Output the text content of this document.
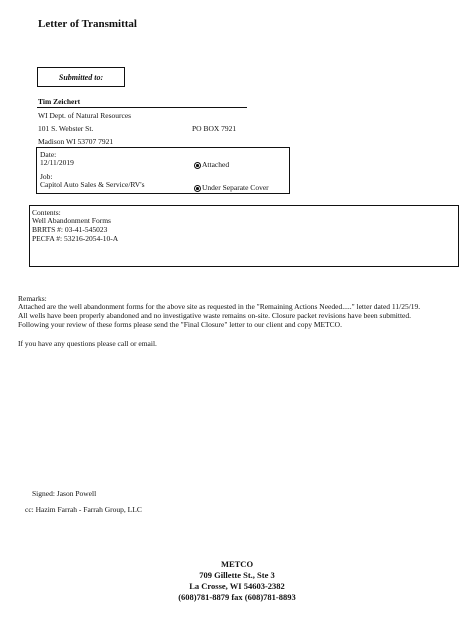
Letter of Transmittal
Submitted to:
Tim Zeichert
WI Dept. of Natural Resources
101 S. Webster St.	PO BOX 7921
Madison WI 53707 7921
Date:
12/11/2019	Attached
Job:
Capitol Auto Sales & Service/RV's	Under Separate Cover
Contents:
Well Abandonment Forms
BRRTS #: 03-41-545023
PECFA #: 53216-2054-10-A
Remarks:
Attached are the well abandonment forms for the above site as requested in the "Remaining Actions Needed....." letter dated 11/25/19.
All wells have been properly abandoned and no investigative waste remains on-site. Closure packet revisions have been submitted.
Following your review of these forms please send the "Final Closure" letter to our client and copy METCO.
If you have any questions please call or email.
Signed: Jason Powell
cc: Hazim Farrah - Farrah Group, LLC
METCO
709 Gillette St., Ste 3
La Crosse, WI 54603-2382
(608)781-8879 fax (608)781-8893
